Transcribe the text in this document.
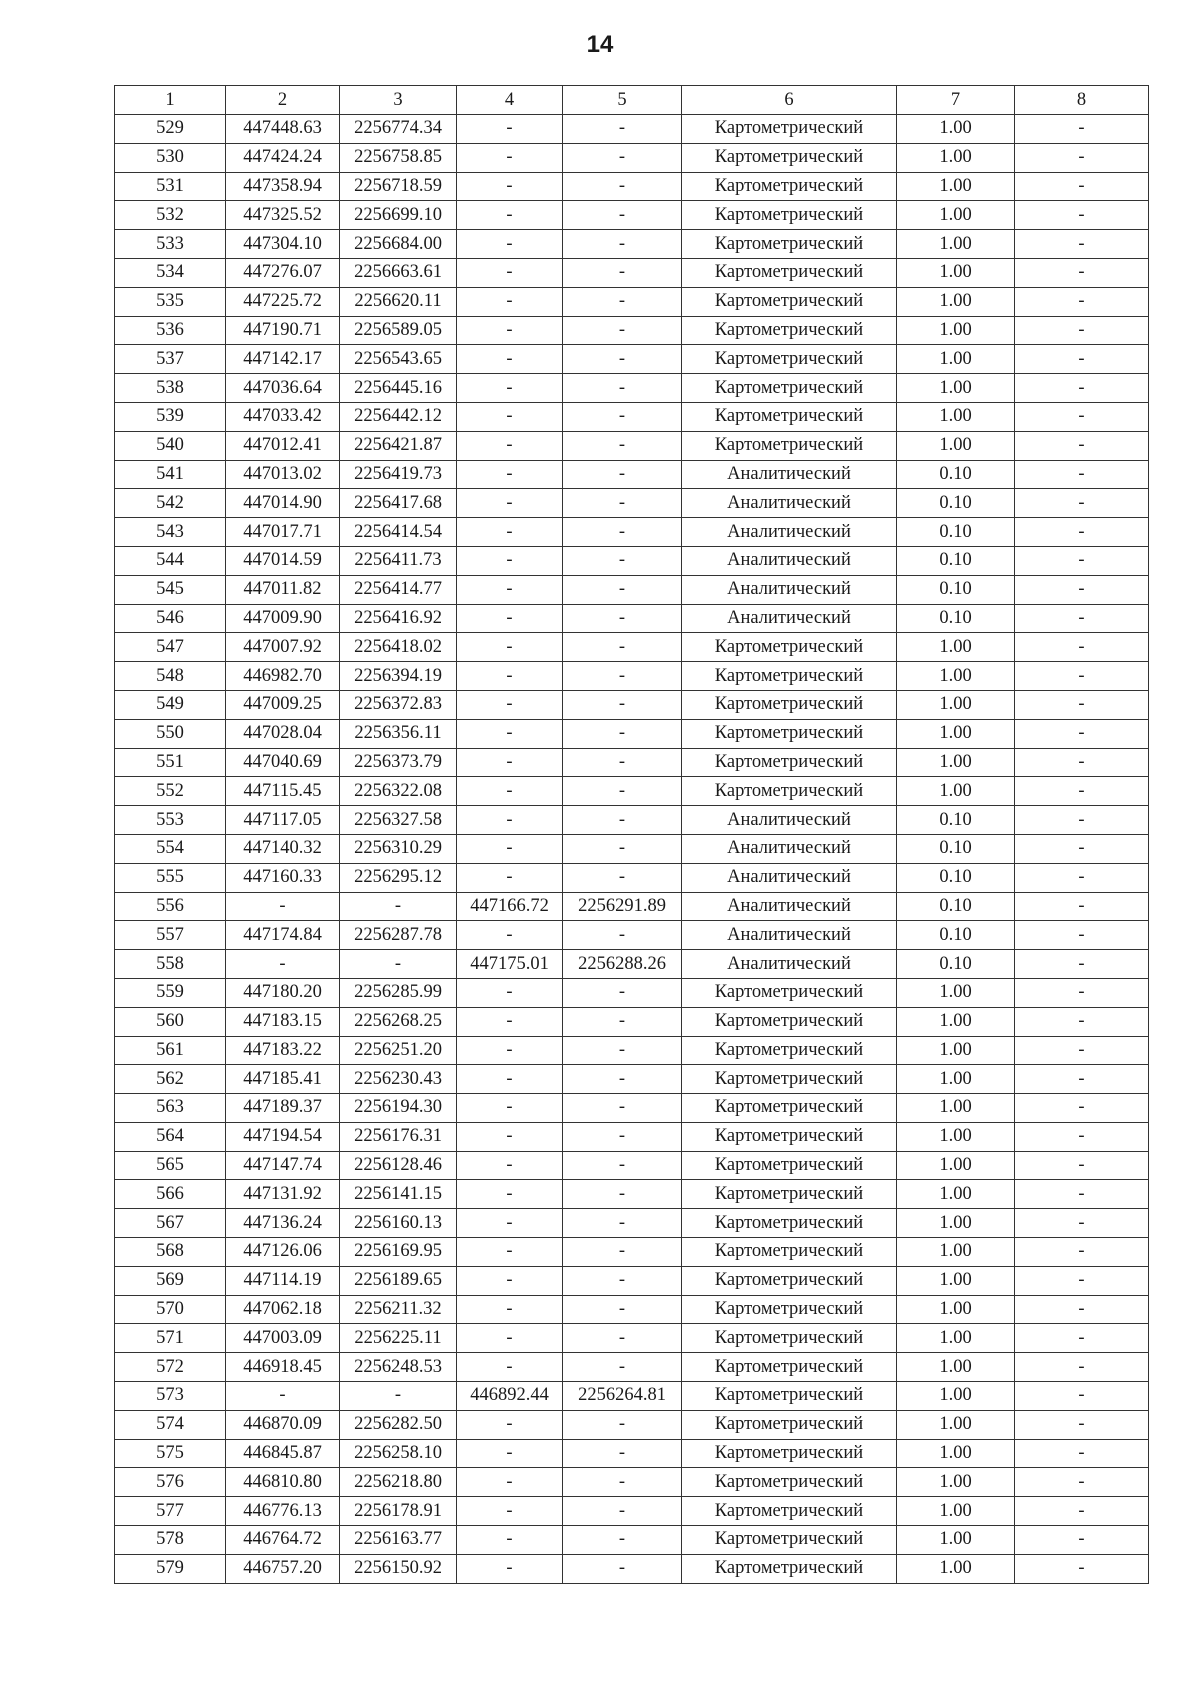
14
1	2	3	4	5	6	7	8
529	447448.63	2256774.34	-	-	Картометрический	1.00	-
530	447424.24	2256758.85	-	-	Картометрический	1.00	-
531	447358.94	2256718.59	-	-	Картометрический	1.00	-
532	447325.52	2256699.10	-	-	Картометрический	1.00	-
533	447304.10	2256684.00	-	-	Картометрический	1.00	-
534	447276.07	2256663.61	-	-	Картометрический	1.00	-
535	447225.72	2256620.11	-	-	Картометрический	1.00	-
536	447190.71	2256589.05	-	-	Картометрический	1.00	-
537	447142.17	2256543.65	-	-	Картометрический	1.00	-
538	447036.64	2256445.16	-	-	Картометрический	1.00	-
539	447033.42	2256442.12	-	-	Картометрический	1.00	-
540	447012.41	2256421.87	-	-	Картометрический	1.00	-
541	447013.02	2256419.73	-	-	Аналитический	0.10	-
542	447014.90	2256417.68	-	-	Аналитический	0.10	-
543	447017.71	2256414.54	-	-	Аналитический	0.10	-
544	447014.59	2256411.73	-	-	Аналитический	0.10	-
545	447011.82	2256414.77	-	-	Аналитический	0.10	-
546	447009.90	2256416.92	-	-	Аналитический	0.10	-
547	447007.92	2256418.02	-	-	Картометрический	1.00	-
548	446982.70	2256394.19	-	-	Картометрический	1.00	-
549	447009.25	2256372.83	-	-	Картометрический	1.00	-
550	447028.04	2256356.11	-	-	Картометрический	1.00	-
551	447040.69	2256373.79	-	-	Картометрический	1.00	-
552	447115.45	2256322.08	-	-	Картометрический	1.00	-
553	447117.05	2256327.58	-	-	Аналитический	0.10	-
554	447140.32	2256310.29	-	-	Аналитический	0.10	-
555	447160.33	2256295.12	-	-	Аналитический	0.10	-
556	-	-	447166.72	2256291.89	Аналитический	0.10	-
557	447174.84	2256287.78	-	-	Аналитический	0.10	-
558	-	-	447175.01	2256288.26	Аналитический	0.10	-
559	447180.20	2256285.99	-	-	Картометрический	1.00	-
560	447183.15	2256268.25	-	-	Картометрический	1.00	-
561	447183.22	2256251.20	-	-	Картометрический	1.00	-
562	447185.41	2256230.43	-	-	Картометрический	1.00	-
563	447189.37	2256194.30	-	-	Картометрический	1.00	-
564	447194.54	2256176.31	-	-	Картометрический	1.00	-
565	447147.74	2256128.46	-	-	Картометрический	1.00	-
566	447131.92	2256141.15	-	-	Картометрический	1.00	-
567	447136.24	2256160.13	-	-	Картометрический	1.00	-
568	447126.06	2256169.95	-	-	Картометрический	1.00	-
569	447114.19	2256189.65	-	-	Картометрический	1.00	-
570	447062.18	2256211.32	-	-	Картометрический	1.00	-
571	447003.09	2256225.11	-	-	Картометрический	1.00	-
572	446918.45	2256248.53	-	-	Картометрический	1.00	-
573	-	-	446892.44	2256264.81	Картометрический	1.00	-
574	446870.09	2256282.50	-	-	Картометрический	1.00	-
575	446845.87	2256258.10	-	-	Картометрический	1.00	-
576	446810.80	2256218.80	-	-	Картометрический	1.00	-
577	446776.13	2256178.91	-	-	Картометрический	1.00	-
578	446764.72	2256163.77	-	-	Картометрический	1.00	-
579	446757.20	2256150.92	-	-	Картометрический	1.00	-
